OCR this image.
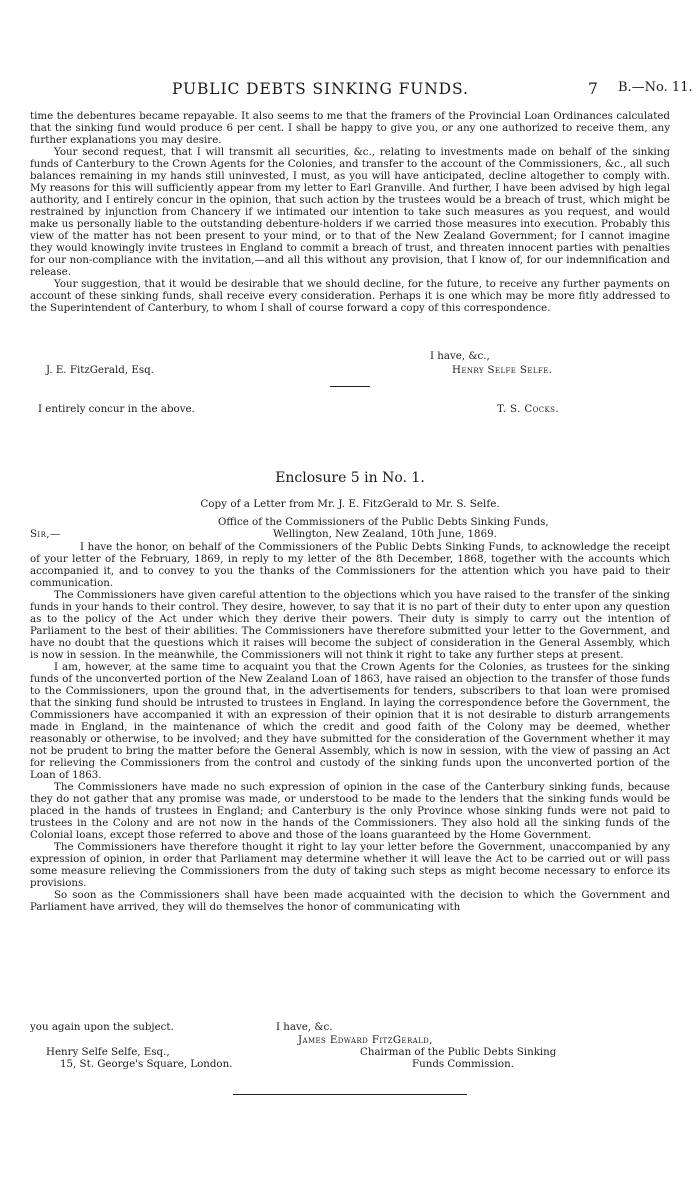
PUBLIC DEBTS SINKING FUNDS.	7 B.—No. 11.

time the debentures became repayable. It also seems to me that the framers of the Provincial Loan Ordinances calculated that the sinking fund would produce 6 per cent. I shall be happy to give you, or any one authorized to receive them, any further explanations you may desire.

Your second request, that I will transmit all securities, &c., relating to investments made on behalf of the sinking funds of Canterbury to the Crown Agents for the Colonies, and transfer to the account of the Commissioners, &c., all such balances remaining in my hands still uninvested, I must, as you will have anticipated, decline altogether to comply with. My reasons for this will sufficiently appear from my letter to Earl Granville. And further, I have been advised by high legal authority, and I entirely concur in the opinion, that such action by the trustees would be a breach of trust, which might be restrained by injunction from Chancery if we intimated our intention to take such measures as you request, and would make us personally liable to the outstanding debenture-holders if we carried those measures into execution. Probably this view of the matter has not been present to your mind, or to that of the New Zealand Government; for I cannot imagine they would knowingly invite trustees in England to commit a breach of trust, and threaten innocent parties with penalties for our non-compliance with the invitation,—and all this without any provision, that I know of, for our indemnification and release.

Your suggestion, that it would be desirable that we should decline, for the future, to receive any further payments on account of these sinking funds, shall receive every consideration. Perhaps it is one which may be more fitly addressed to the Superintendent of Canterbury, to whom I shall of course forward a copy of this correspondence.

I have, &c.,
J. E. FitzGerald, Esq.	Henry Selfe Selfe.
I entirely concur in the above.	T. S. Cocks.
Enclosure 5 in No. 1.
Copy of a Letter from Mr. J. E. FitzGerald to Mr. S. Selfe.
Office of the Commissioners of the Public Debts Sinking Funds,
Sir,—	Wellington, New Zealand, 10th June, 1869.

I have the honor, on behalf of the Commissioners of the Public Debts Sinking Funds, to acknowledge the receipt of your letter of the February, 1869, in reply to my letter of the 8th December, 1868, together with the accounts which accompanied it, and to convey to you the thanks of the Commissioners for the attention which you have paid to their communication.

The Commissioners have given careful attention to the objections which you have raised to the transfer of the sinking funds in your hands to their control. They desire, however, to say that it is no part of their duty to enter upon any question as to the policy of the Act under which they derive their powers. Their duty is simply to carry out the intention of Parliament to the best of their abilities. The Commissioners have therefore submitted your letter to the Government, and have no doubt that the questions which it raises will become the subject of consideration in the General Assembly, which is now in session. In the meanwhile, the Commissioners will not think it right to take any further steps at present.

I am, however, at the same time to acquaint you that the Crown Agents for the Colonies, as trustees for the sinking funds of the unconverted portion of the New Zealand Loan of 1863, have raised an objection to the transfer of those funds to the Commissioners, upon the ground that, in the advertisements for tenders, subscribers to that loan were promised that the sinking fund should be intrusted to trustees in England. In laying the correspondence before the Government, the Commissioners have accompanied it with an expression of their opinion that it is not desirable to disturb arrangements made in England, in the maintenance of which the credit and good faith of the Colony may be deemed, whether reasonably or otherwise, to be involved; and they have submitted for the consideration of the Government whether it may not be prudent to bring the matter before the General Assembly, which is now in session, with the view of passing an Act for relieving the Commissioners from the control and custody of the sinking funds upon the unconverted portion of the Loan of 1863.

The Commissioners have made no such expression of opinion in the case of the Canterbury sinking funds, because they do not gather that any promise was made, or understood to be made to the lenders that the sinking funds would be placed in the hands of trustees in England; and Canterbury is the only Province whose sinking funds were not paid to trustees in the Colony and are not now in the hands of the Commissioners. They also hold all the sinking funds of the Colonial loans, except those referred to above and those of the loans guaranteed by the Home Government.

The Commissioners have therefore thought it right to lay your letter before the Government, unaccompanied by any expression of opinion, in order that Parliament may determine whether it will leave the Act to be carried out or will pass some measure relieving the Commissioners from the duty of taking such steps as might become necessary to enforce its provisions.

So soon as the Commissioners shall have been made acquainted with the decision to which the Government and Parliament have arrived, they will do themselves the honor of communicating with

you again upon the subject.	I have, &c.
James Edward FitzGerald,
Henry Selfe Selfe, Esq.,	Chairman of the Public Debts Sinking
15, St. George's Square, London.	Funds Commission.
